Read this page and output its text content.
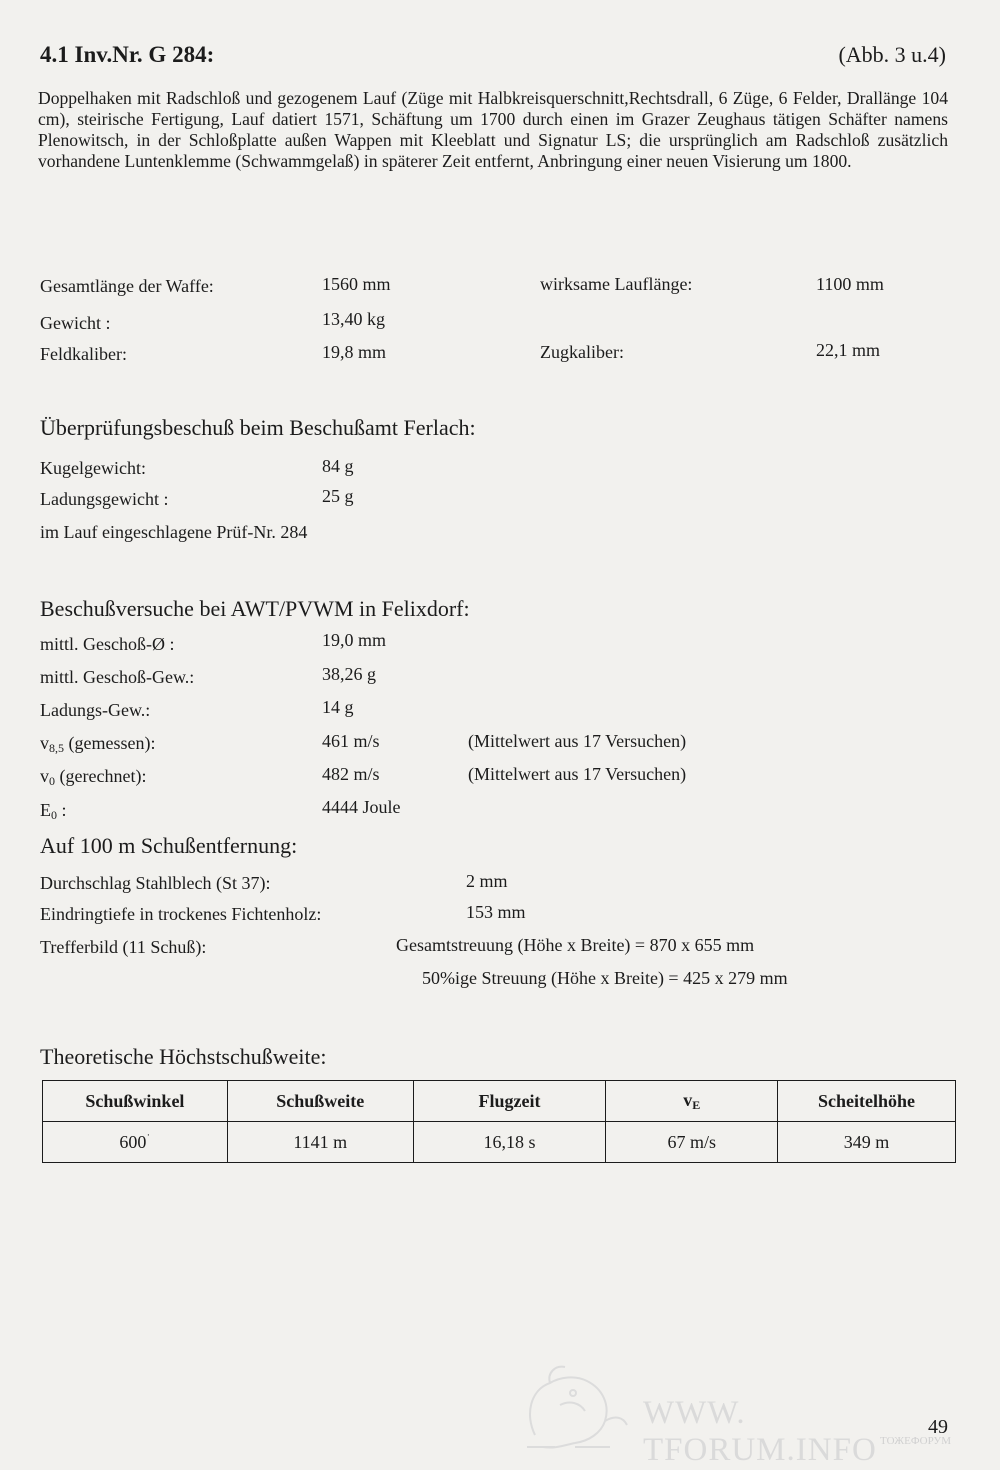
4.1 Inv.Nr. G 284:	(Abb. 3 u.4)
Doppelhaken mit Radschloß und gezogenem Lauf (Züge mit Halbkreisquerschnitt,Rechtsdrall, 6 Züge, 6 Felder, Drallänge 104 cm), steirische Fertigung, Lauf datiert 1571, Schäftung um 1700 durch einen im Grazer Zeughaus tätigen Schäfter namens Plenowitsch, in der Schloßplatte außen Wappen mit Kleeblatt und Signatur LS; die ursprünglich am Radschloß zusätzlich vorhandene Luntenklemme (Schwammgelaß) in späterer Zeit entfernt, Anbringung einer neuen Visierung um 1800.
Gesamtlänge der Waffe:	1560 mm	wirksame Lauflänge:	1100 mm
Gewicht :	13,40 kg
Feldkaliber:	19,8 mm	Zugkaliber:	22,1 mm
Überprüfungsbeschuß beim Beschußamt Ferlach:
Kugelgewicht:	84 g
Ladungsgewicht :	25 g
im Lauf eingeschlagene Prüf-Nr. 284
Beschußversuche bei AWT/PVWM in Felixdorf:
mittl. Geschoß-Ø :	19,0 mm
mittl. Geschoß-Gew.:	38,26 g
Ladungs-Gew.:	14 g
$v_{8,5}$ (gemessen):	461 m/s	(Mittelwert aus 17 Versuchen)
$v_0$ (gerechnet):	482 m/s	(Mittelwert aus 17 Versuchen)
$E_0$ :	4444 Joule
Auf 100 m Schußentfernung:
Durchschlag Stahlblech (St 37):	2 mm
Eindringtiefe in trockenes Fichtenholz:	153 mm
Trefferbild (11 Schuß):	Gesamtstreuung (Höhe x Breite) = 870 x 655 mm
50%ige Streuung (Höhe x Breite) = 425 x 279 mm
Theoretische Höchstschußweite:
Schußwinkel	Schußweite	Flugzeit	$v_E$	Scheitelhöhe
600˙	1141 m	16,18 s	67 m/s	349 m
WWW. TFORUM.INFO ТОЖЕФОРУМ
49
